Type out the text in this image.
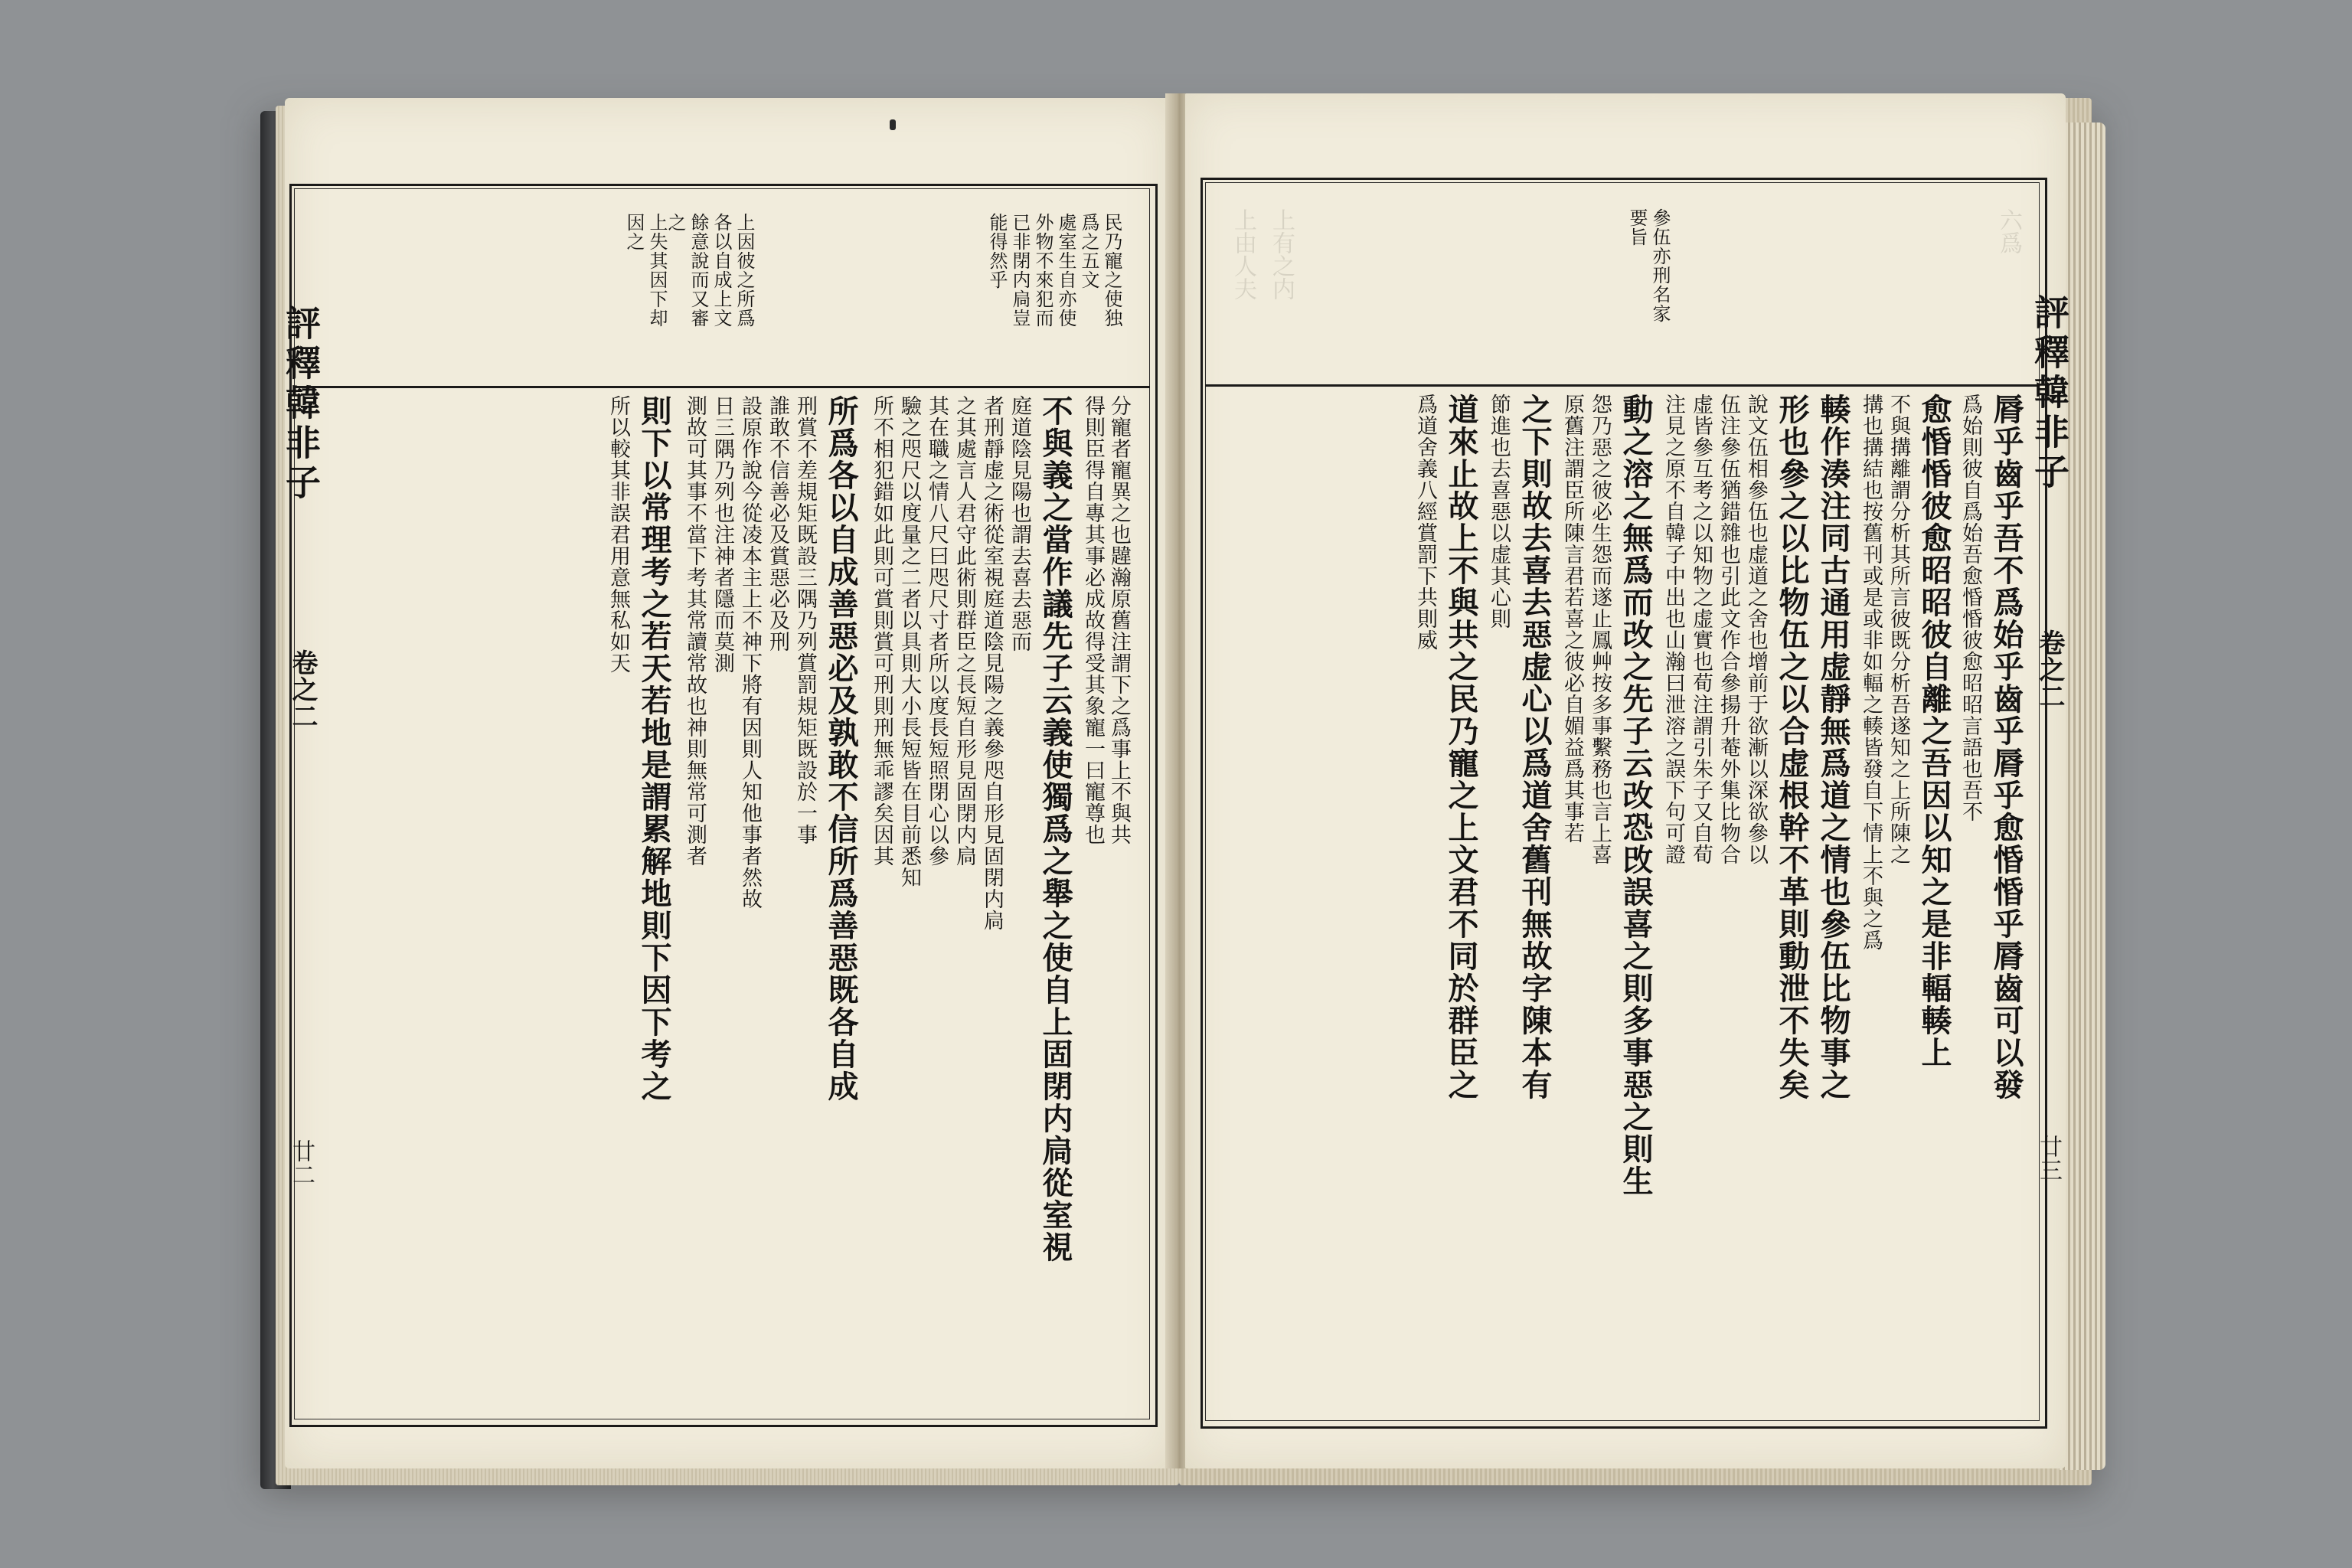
民乃寵之使独
爲之五文
處室生自亦使
外物不來犯而
已非閉内扃豈
能得然乎
上因彼之所爲
各以自成上文
餘意說而又審
之
上失其因下却
因之
分寵者寵異之也韙瀚原舊注謂下之爲事上不與共
得則臣得自專其事必成故得受其象寵一曰寵尊也
不與義之當作議先子云義使獨爲之舉之使自上固閉内扃從室視
庭道陰見陽也謂去喜去惡而
者刑靜虚之術從室視庭道陰見陽之義參咫自形見固閉内扃
之其處言人君守此術則群臣之長短自形見固閉内扃
其在職之情八尺曰咫尺寸者所以度長短照閉心以參
驗之咫尺以度量之二者以具則大小長短皆在目前悉知
所不相犯錯如此則可賞則賞可刑則刑無乖謬矣因其
所爲各以自成善惡必及孰敢不信所爲善惡既各自成
刑賞不差規矩既設三隅乃列賞罰規矩既設於一事
誰敢不信善必及賞惡必及刑
設原作說今從凌本主上不神下將有因則人知他事者然故
日三隅乃列也注神者隱而莫測
測故可其事不當下考其常讀常故也神則無常可測者
則下以常理考之若天若地是謂累解地則下因下考之
所以較其非誤君用意無私如天
評釋韓非子
卷之二
廿二
上由人夫 上有之内	六爲
參伍亦刑名家
要旨
脣乎齒乎吾不爲始乎齒乎脣乎愈惛惛乎脣齒可以發
爲始則彼自爲始吾愈惛惛彼愈昭昭言語也吾不
愈惛惛彼愈昭昭彼自離之吾因以知之是非輻輳上
不與搆離謂分析其所言彼既分析吾遂知之上所陳之
搆也搆結也按舊刊或是或非如輻之輳皆發自下情上不與之爲
輳作湊注同古通用虚靜無爲道之情也參伍比物事之
形也參之以比物伍之以合虚根幹不革則動泄不失矣
說文伍相參伍也虚道之舍也增前于欲漸以深欲參以
伍注參伍猶錯雜也引此文作合參揚升菴外集比物合
虚皆參互考之以知物之虚實也荀注謂引朱子又自荀
注見之原不自韓子中出也山瀚曰泄溶之誤下句可證
動之溶之無爲而改之先子云改恐攺誤喜之則多事惡之則生
怨乃惡之彼必生怨而遂止鳳艸按多事繫務也言上喜
原舊注謂臣所陳言君若喜之彼必自媚益爲其事若
之下則故去喜去惡虚心以爲道舍舊刊無故字陳本有
節進也去喜惡以虚其心則
道來止故上不與共之民乃寵之上文君不同於群臣之
爲道舍義八經賞罰下共則威	評釋韓非子
卷之二
廿三
